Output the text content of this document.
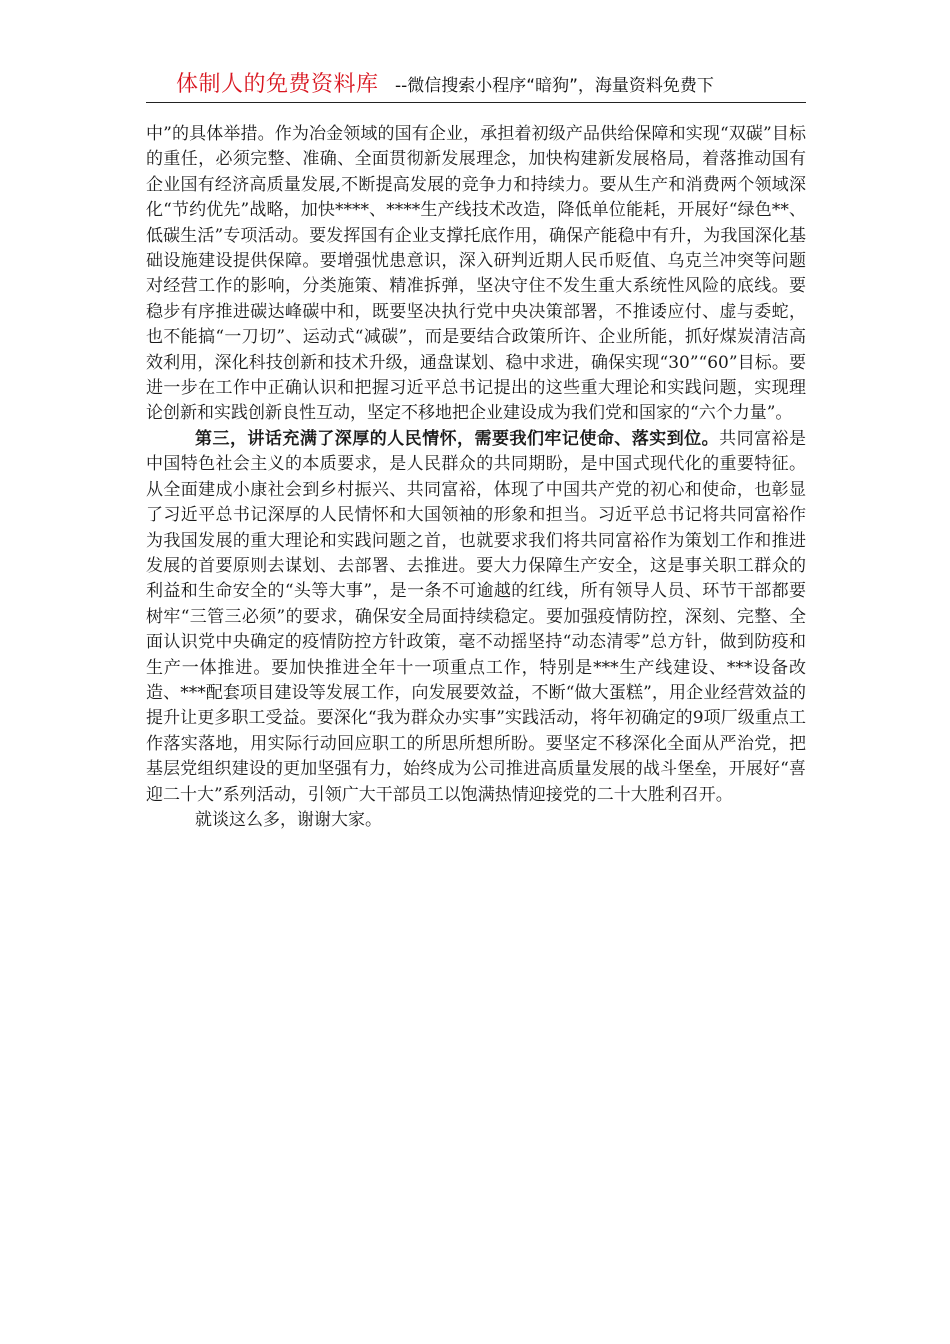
体制人的免费资料库 --微信搜索小程序“暗狗”，海量资料免费下

中”的具体举措。作为冶金领域的国有企业，承担着初级产品供给保障和实现“双碳”目标的重任，必须完整、准确、全面贯彻新发展理念，加快构建新发展格局，着落推动国有企业国有经济高质量发展,不断提高发展的竞争力和持续力。要从生产和消费两个领域深化“节约优先”战略，加快****、****生产线技术改造，降低单位能耗，开展好“绿色**、低碳生活”专项活动。要发挥国有企业支撑托底作用，确保产能稳中有升，为我国深化基础设施建设提供保障。要增强忧患意识，深入研判近期人民币贬值、乌克兰冲突等问题对经营工作的影响，分类施策、精准拆弹，坚决守住不发生重大系统性风险的底线。要稳步有序推进碳达峰碳中和，既要坚决执行党中央决策部署，不推诿应付、虚与委蛇，也不能搞“一刀切”、运动式“减碳”，而是要结合政策所许、企业所能，抓好煤炭清洁高效利用，深化科技创新和技术升级，通盘谋划、稳中求进，确保实现“30”“60”目标。要进一步在工作中正确认识和把握习近平总书记提出的这些重大理论和实践问题，实现理论创新和实践创新良性互动，坚定不移地把企业建设成为我们党和国家的“六个力量”。

第三，讲话充满了深厚的人民情怀，需要我们牢记使命、落实到位。共同富裕是中国特色社会主义的本质要求，是人民群众的共同期盼，是中国式现代化的重要特征。从全面建成小康社会到乡村振兴、共同富裕，体现了中国共产党的初心和使命，也彰显了习近平总书记深厚的人民情怀和大国领袖的形象和担当。习近平总书记将共同富裕作为我国发展的重大理论和实践问题之首，也就要求我们将共同富裕作为策划工作和推进发展的首要原则去谋划、去部署、去推进。要大力保障生产安全，这是事关职工群众的利益和生命安全的“头等大事”，是一条不可逾越的红线，所有领导人员、环节干部都要树牢“三管三必须”的要求，确保安全局面持续稳定。要加强疫情防控，深刻、完整、全面认识党中央确定的疫情防控方针政策，毫不动摇坚持“动态清零”总方针，做到防疫和生产一体推进。要加快推进全年十一项重点工作，特别是***生产线建设、***设备改造、***配套项目建设等发展工作，向发展要效益，不断“做大蛋糕”，用企业经营效益的提升让更多职工受益。要深化“我为群众办实事”实践活动，将年初确定的9项厂级重点工作落实落地，用实际行动回应职工的所思所想所盼。要坚定不移深化全面从严治党，把基层党组织建设的更加坚强有力，始终成为公司推进高质量发展的战斗堡垒，开展好“喜迎二十大”系列活动，引领广大干部员工以饱满热情迎接党的二十大胜利召开。

就谈这么多，谢谢大家。
